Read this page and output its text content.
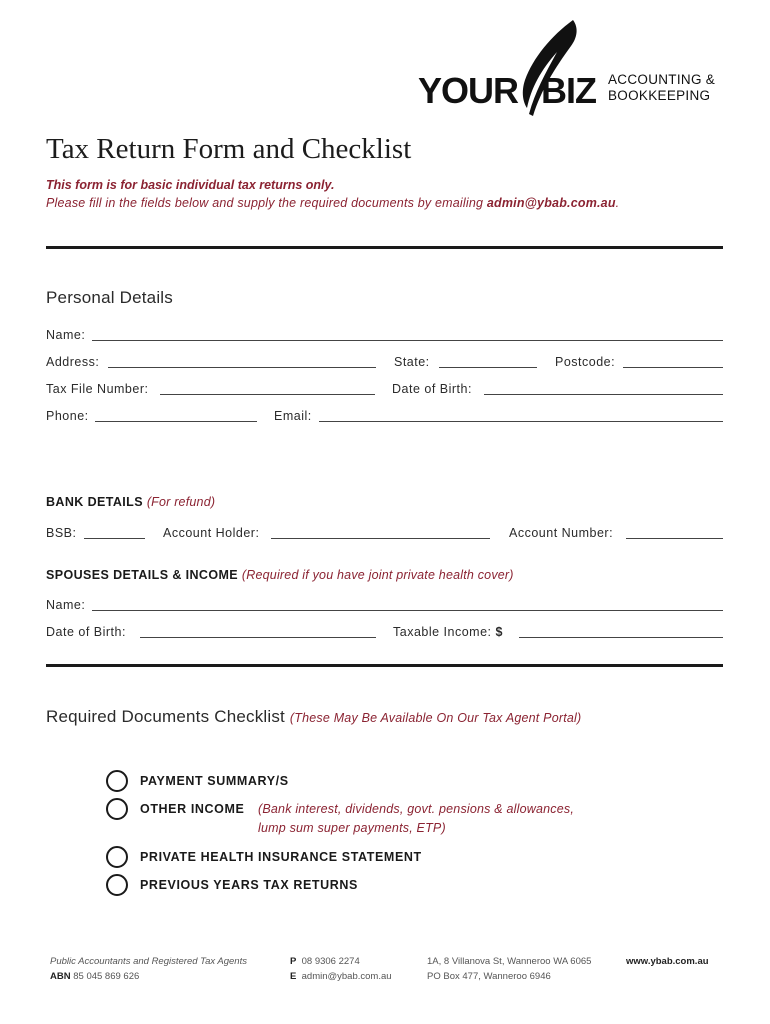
YOUR BIZ ACCOUNTING &
BOOKKEEPING
Tax Return Form and Checklist
This form is for basic individual tax returns only.
Please fill in the fields below and supply the required documents by emailing admin@ybab.com.au.
Personal Details
Name:
Address:	State:	Postcode:
Tax File Number:	Date of Birth:
Phone:	Email:
BANK DETAILS (For refund)
BSB:	Account Holder:	Account Number:
SPOUSES DETAILS & INCOME (Required if you have joint private health cover)
Name:
Date of Birth:	Taxable Income: $
Required Documents Checklist (These May Be Available On Our Tax Agent Portal)
PAYMENT SUMMARY/S
OTHER INCOME (Bank interest, dividends, govt. pensions & allowances,
lump sum super payments, ETP)
PRIVATE HEALTH INSURANCE STATEMENT
PREVIOUS YEARS TAX RETURNS
Public Accountants and Registered Tax Agents
ABN 85 045 869 626
P 08 9306 2274
E admin@ybab.com.au
1A, 8 Villanova St, Wanneroo WA 6065
PO Box 477, Wanneroo 6946
www.ybab.com.au
